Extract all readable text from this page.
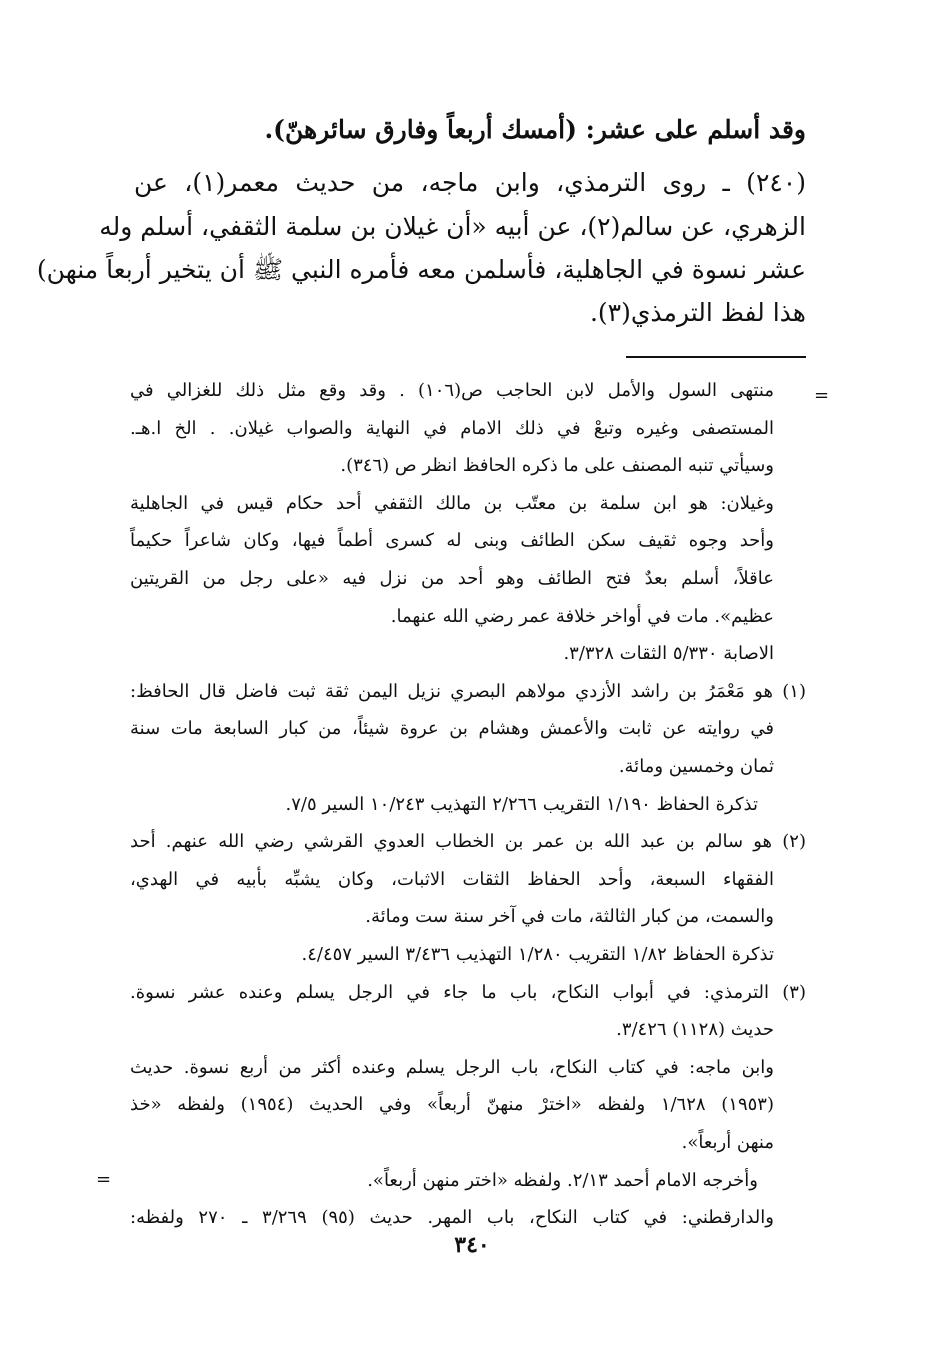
وقد أسلم على عشر: (أمسك أربعاً وفارق سائرهنّ).
(٢٤٠) ـ روى الترمذي، وابن ماجه، من حديث معمر(١)، عن
الزهري، عن سالم(٢)، عن أبيه «أن غيلان بن سلمة الثقفي، أسلم وله
عشر نسوة في الجاهلية، فأسلمن معه فأمره النبي ﷺ أن يتخير أربعاً منهن)
هذا لفظ الترمذي(٣).
منتهى السول والأمل لابن الحاجب ص(١٠٦) . وقد وقع مثل ذلك للغزالي في
المستصفى وغيره وتبعْ في ذلك الامام في النهاية والصواب غيلان. . الخ ا.هـ.
وسيأتي تنبه المصنف على ما ذكره الحافظ انظر ص (٣٤٦).
وغيلان: هو ابن سلمة بن معتّب بن مالك الثقفي أحد حكام قيس في الجاهلية
وأحد وجوه ثقيف سكن الطائف وبنى له كسرى أطماً فيها، وكان شاعراً حكيماً
عاقلاً، أسلم بعدٌ فتح الطائف وهو أحد من نزل فيه «على رجل من القريتين
عظيم». مات في أواخر خلافة عمر رضي الله عنهما.
الاصابة ٥/٣٣٠ الثقات ٣/٣٢٨.
(١) هو مَعْمَرُ بن راشد الأزدي مولاهم البصري نزيل اليمن ثقة ثبت فاضل قال الحافظ:
في روايته عن ثابت والأعمش وهشام بن عروة شيئاً، من كبار السابعة مات سنة
ثمان وخمسين ومائة.
تذكرة الحفاظ ١/١٩٠ التقريب ٢/٢٦٦ التهذيب ١٠/٢٤٣ السير ٧/٥.
(٢) هو سالم بن عبد الله بن عمر بن الخطاب العدوي القرشي رضي الله عنهم. أحد
الفقهاء السبعة، وأحد الحفاظ الثقات الاثبات، وكان يشبِّه بأبيه في الهدي،
والسمت، من كبار الثالثة، مات في آخر سنة ست ومائة.
تذكرة الحفاظ ١/٨٢ التقريب ١/٢٨٠ التهذيب ٣/٤٣٦ السير ٤/٤٥٧.
(٣) الترمذي: في أبواب النكاح، باب ما جاء في الرجل يسلم وعنده عشر نسوة.
حديث (١١٢٨) ٣/٤٢٦.
وابن ماجه: في كتاب النكاح، باب الرجل يسلم وعنده أكثر من أربع نسوة. حديث
(١٩٥٣) ١/٦٢٨ ولفظه «اخترْ منهنّ أربعاً» وفي الحديث (١٩٥٤) ولفظه «خذ
منهن أربعاً».
وأخرجه الامام أحمد ٢/١٣. ولفظه «اختر منهن أربعاً».
والدارقطني: في كتاب النكاح، باب المهر. حديث (٩٥) ٣/٢٦٩ ـ ٢٧٠ ولفظه:
=
=
٣٤٠
